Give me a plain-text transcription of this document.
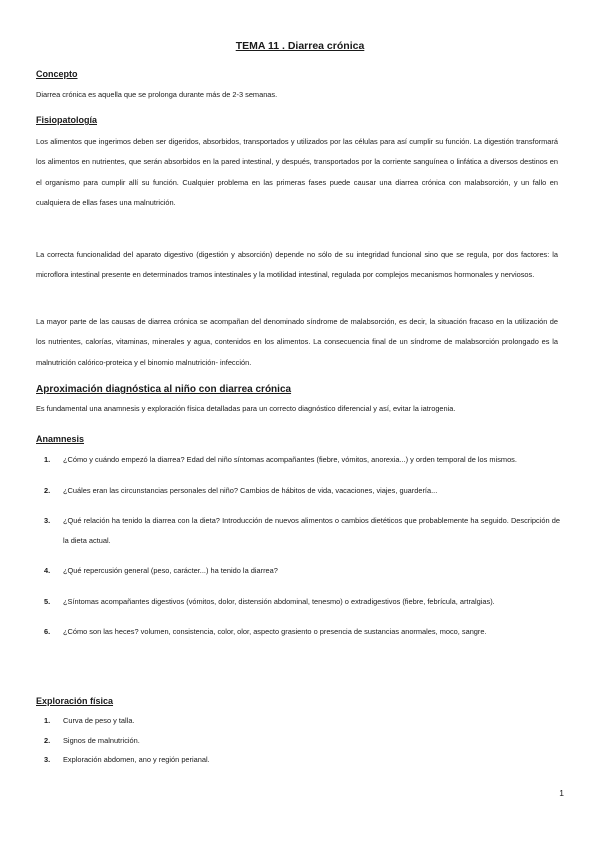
TEMA 11 . Diarrea crónica
Concepto

Diarrea crónica es aquella que se prolonga durante más de 2-3 semanas.

Fisiopatología

Los alimentos que ingerimos deben ser digeridos, absorbidos, transportados y utilizados por las células para así cumplir su función. La digestión transformará los alimentos en nutrientes, que serán absorbidos en la pared intestinal, y después, transportados por la corriente sanguínea o linfática a diversos destinos en el organismo para cumplir allí su función. Cualquier problema en las primeras fases puede causar una diarrea crónica con malabsorción, y un fallo en cualquiera de ellas fases una malnutrición.

La correcta funcionalidad del aparato digestivo (digestión y absorción) depende no sólo de su integridad funcional sino que se regula, por dos factores: la microflora intestinal presente en determinados tramos intestinales y la motilidad intestinal, regulada por complejos mecanismos hormonales y nerviosos.

La mayor parte de las causas de diarrea crónica se acompañan del denominado síndrome de malabsorción, es decir, la situación fracaso en la utilización de los nutrientes, calorías, vitaminas, minerales y agua, contenidos en los alimentos. La consecuencia final de un síndrome de malabsorción prolongado es la malnutrición calórico-proteica y el binomio malnutrición- infección.

Aproximación diagnóstica al niño con diarrea crónica

Es fundamental una anamnesis y exploración física detalladas para un correcto diagnóstico diferencial y así, evitar la iatrogenia.

Anamnesis
1. ¿Cómo y cuándo empezó la diarrea? Edad del niño síntomas acompañantes (fiebre, vómitos, anorexia...) y orden temporal de los mismos.
2. ¿Cuáles eran las circunstancias personales del niño? Cambios de hábitos de vida, vacaciones, viajes, guardería...
3. ¿Qué relación ha tenido la diarrea con la dieta? Introducción de nuevos alimentos o cambios dietéticos que probablemente ha seguido. Descripción de la dieta actual.
4. ¿Qué repercusión general (peso, carácter...) ha tenido la diarrea?
5. ¿Síntomas acompañantes digestivos (vómitos, dolor, distensión abdominal, tenesmo) o extradigestivos (fiebre, febrícula, artralgias).
6. ¿Cómo son las heces? volumen, consistencia, color, olor, aspecto grasiento o presencia de sustancias anormales, moco, sangre.
Exploración física
1. Curva de peso y talla.
2. Signos de malnutrición.
3. Exploración abdomen, ano y región perianal.
1
